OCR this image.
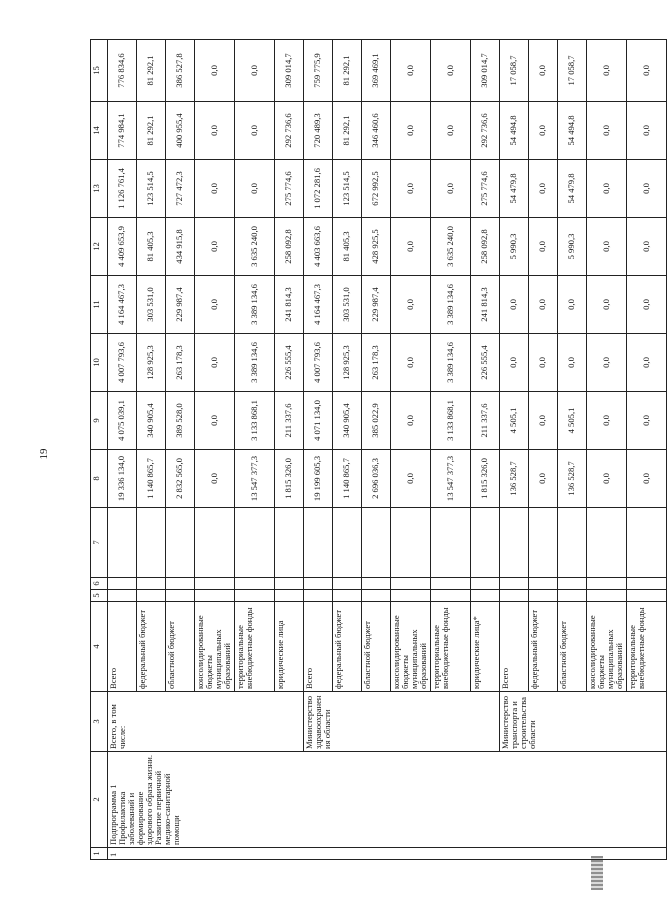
19
1	2	3	4	5	6	7	8	9	10	11	12	13	14	15
1	Подпрограмма 1
Профилактика заболеваний и формирование здорового образа жизни. Развитие первичной медико-санитарной помощи	Всего, в том числе:	Всего				19 336 134,0	4 075 039,1	4 007 793,6	4 164 467,3	4 409 653,9	1 126 761,4	774 984,1	776 834,6
			федеральный бюджет				1 140 865,7	340 905,4	128 925,3	303 531,0	81 405,3	123 514,5	81 292,1	81 292,1
			областной бюджет				2 832 565,0	389 528,0	263 178,3	229 987,4	434 915,8	727 472,3	400 955,4	386 527,8
			консолидированные бюджеты муниципальных образований				0,0	0,0	0,0	0,0	0,0	0,0	0,0	0,0
			территориальные внебюджетные фонды				13 547 377,3	3 133 868,1	3 389 134,6	3 389 134,6	3 635 240,0	0,0	0,0	0,0
			юридические лица				1 815 326,0	211 337,6	226 555,4	241 814,3	258 092,8	275 774,6	292 736,6	309 014,7
		Министерство здравоохранения области	Всего				19 199 605,3	4 071 134,0	4 007 793,6	4 164 467,3	4 403 663,6	1 072 281,6	720 489,3	759 775,9
			федеральный бюджет				1 140 865,7	340 905,4	128 925,3	303 531,0	81 405,3	123 514,5	81 292,1	81 292,1
			областной бюджет				2 696 036,3	385 022,9	263 178,3	229 987,4	428 925,5	672 992,5	346 460,6	369 469,1
			консолидированные бюджеты муниципальных образований				0,0	0,0	0,0	0,0	0,0	0,0	0,0	0,0
			территориальные внебюджетные фонды				13 547 377,3	3 133 868,1	3 389 134,6	3 389 134,6	3 635 240,0	0,0	0,0	0,0
			юридические лица*				1 815 326,0	211 337,6	226 555,4	241 814,3	258 092,8	275 774,6	292 736,6	309 014,7
		Министерство транспорта и строительства области	Всего				136 528,7	4 505,1	0,0	0,0	5 990,3	54 479,8	54 494,8	17 058,7
			федеральный бюджет				0,0	0,0	0,0	0,0	0,0	0,0	0,0	0,0
			областной бюджет				136 528,7	4 505,1	0,0	0,0	5 990,3	54 479,8	54 494,8	17 058,7
			консолидированные бюджеты муниципальных образований				0,0	0,0	0,0	0,0	0,0	0,0	0,0	0,0
			территориальные внебюджетные фонды				0,0	0,0	0,0	0,0	0,0	0,0	0,0	0,0
